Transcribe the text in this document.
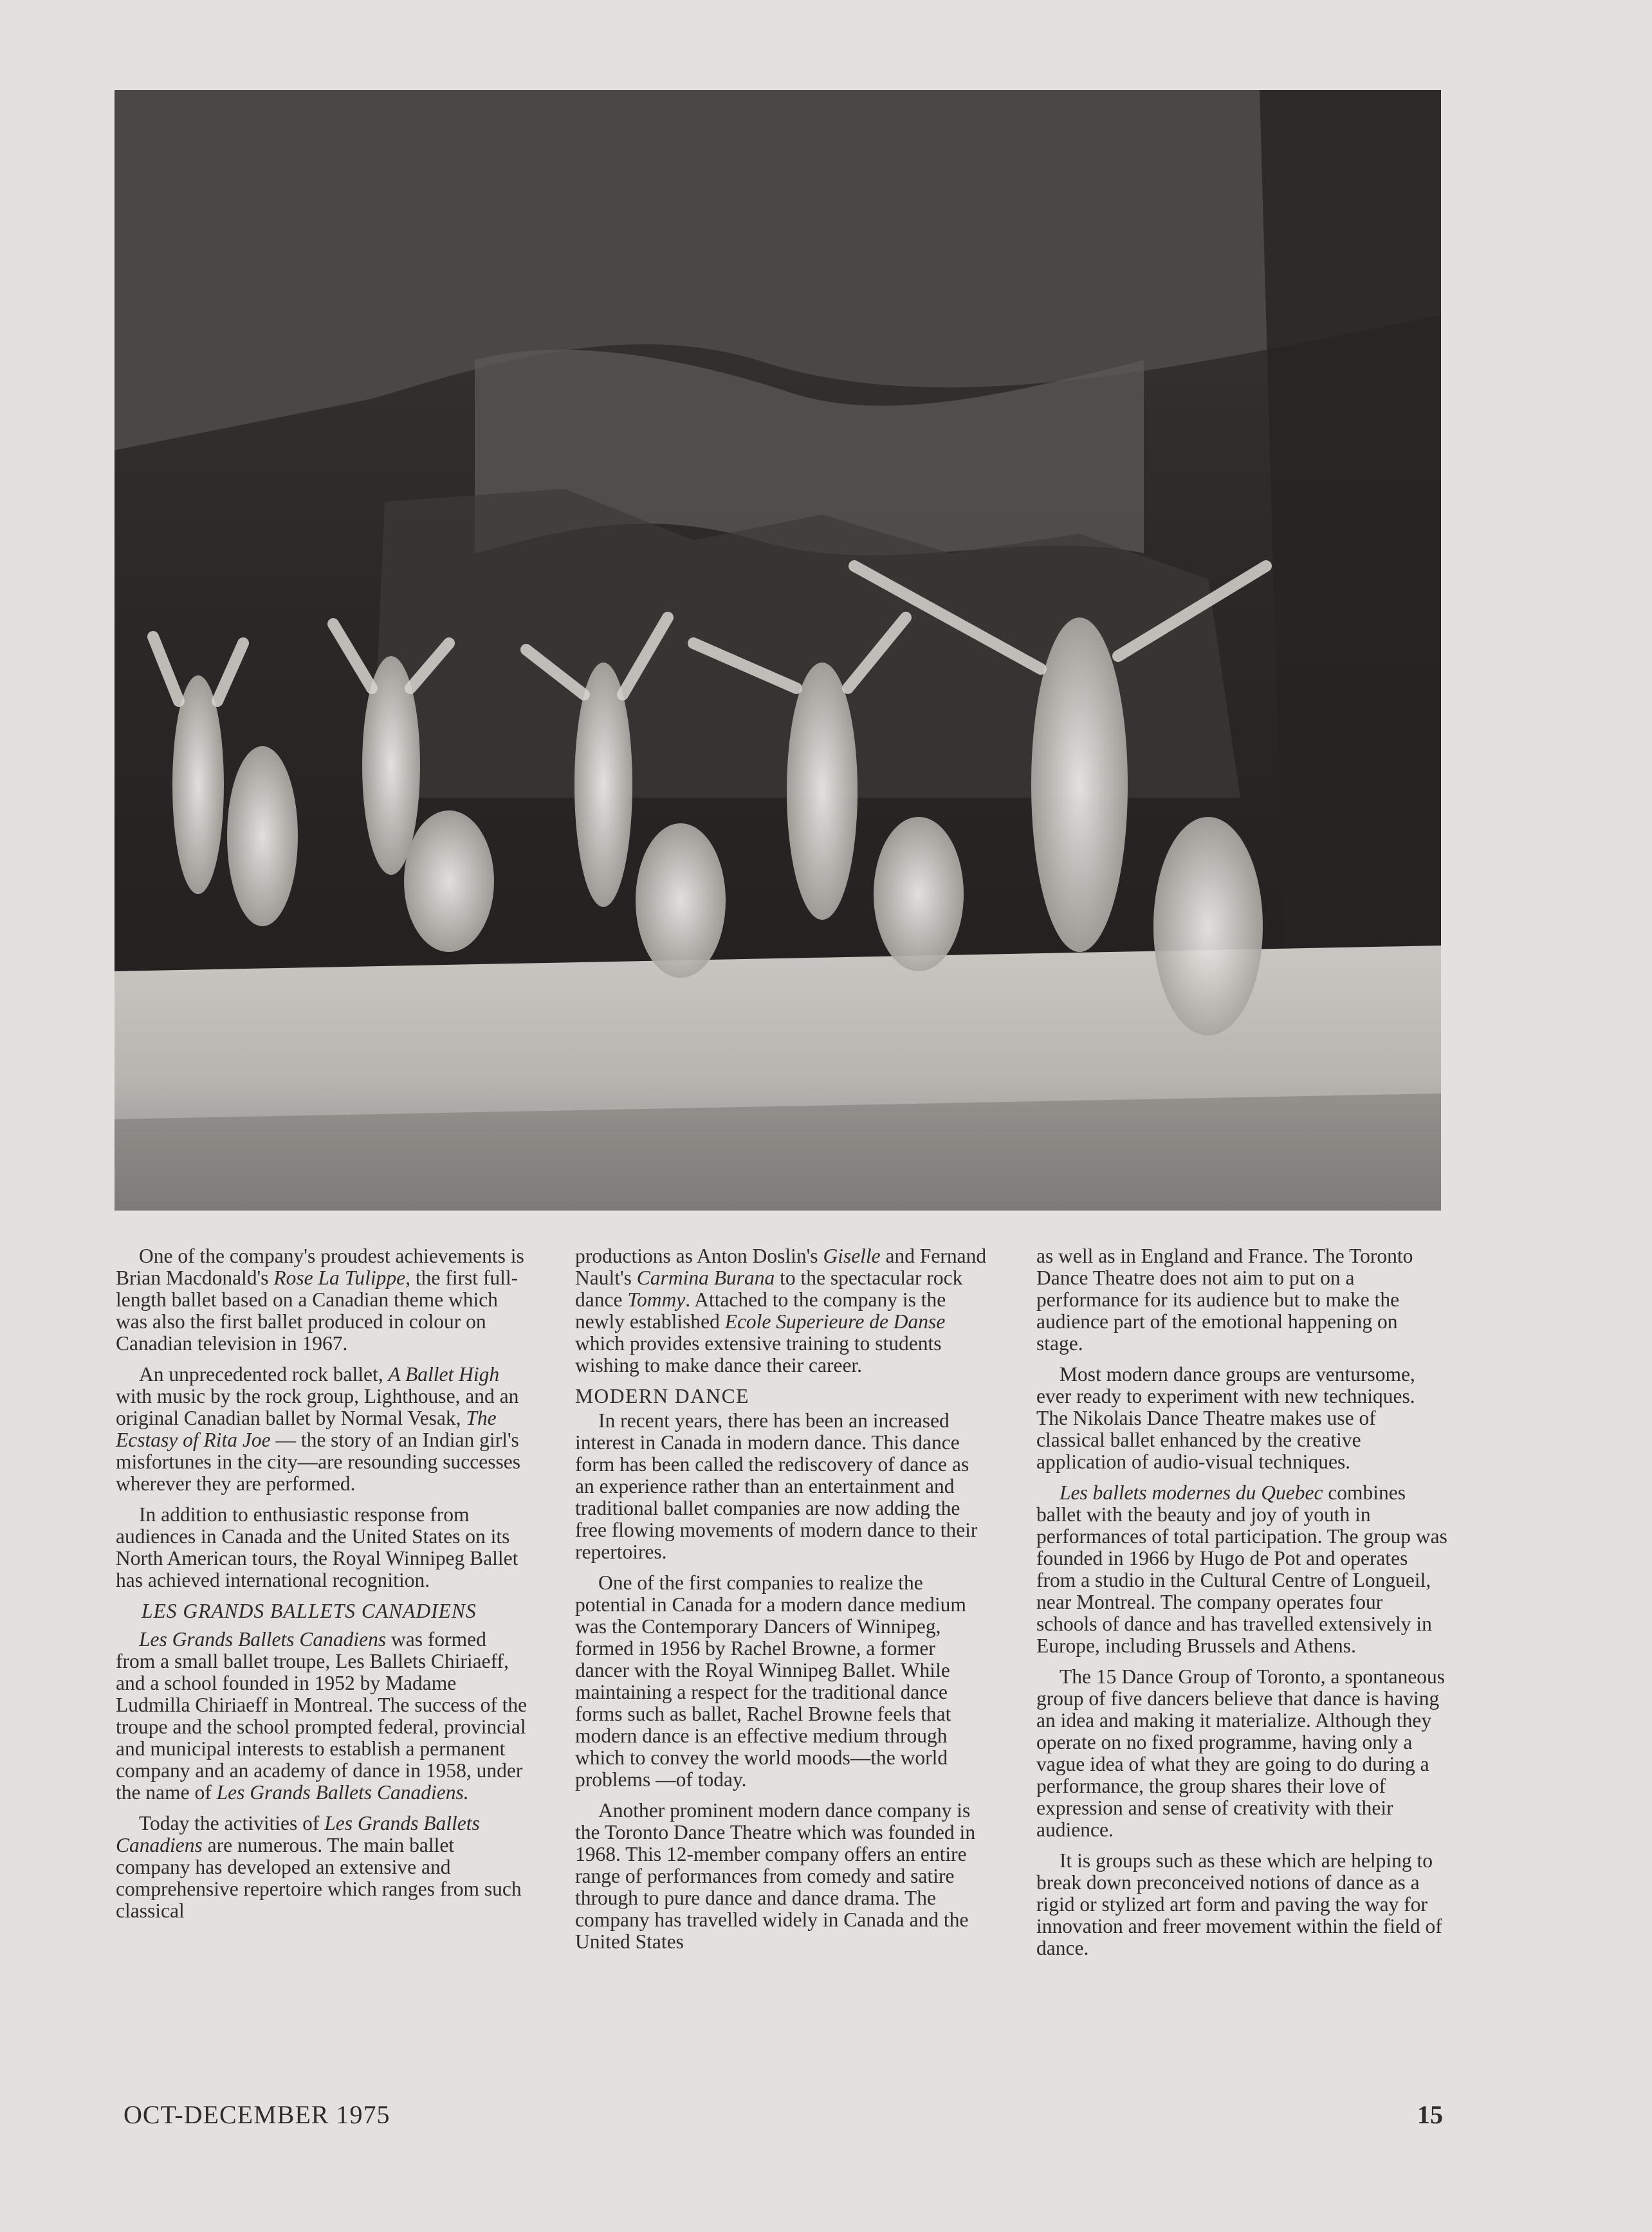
One of the company's proudest achievements is Brian Macdonald's Rose La Tulippe, the first full-length ballet based on a Canadian theme which was also the first ballet produced in colour on Canadian television in 1967.

An unprecedented rock ballet, A Ballet High with music by the rock group, Lighthouse, and an original Canadian ballet by Normal Vesak, The Ecstasy of Rita Joe — the story of an Indian girl's misfortunes in the city—are resounding successes wherever they are performed.

In addition to enthusiastic response from audiences in Canada and the United States on its North American tours, the Royal Winnipeg Ballet has achieved international recognition.

LES GRANDS BALLETS CANADIENS

Les Grands Ballets Canadiens was formed from a small ballet troupe, Les Ballets Chiriaeff, and a school founded in 1952 by Madame Ludmilla Chiriaeff in Montreal. The success of the troupe and the school prompted federal, provincial and municipal interests to establish a permanent company and an academy of dance in 1958, under the name of Les Grands Ballets Canadiens.

Today the activities of Les Grands Ballets Canadiens are numerous. The main ballet company has developed an extensive and comprehensive repertoire which ranges from such classical

productions as Anton Doslin's Giselle and Fernand Nault's Carmina Burana to the spectacular rock dance Tommy. Attached to the company is the newly established Ecole Superieure de Danse which provides extensive training to students wishing to make dance their career.

MODERN DANCE

In recent years, there has been an increased interest in Canada in modern dance. This dance form has been called the rediscovery of dance as an experience rather than an entertainment and traditional ballet companies are now adding the free flowing movements of modern dance to their repertoires.

One of the first companies to realize the potential in Canada for a modern dance medium was the Contemporary Dancers of Winnipeg, formed in 1956 by Rachel Browne, a former dancer with the Royal Winnipeg Ballet. While maintaining a respect for the traditional dance forms such as ballet, Rachel Browne feels that modern dance is an effective medium through which to convey the world moods—the world problems —of today.

Another prominent modern dance company is the Toronto Dance Theatre which was founded in 1968. This 12-member company offers an entire range of performances from comedy and satire through to pure dance and dance drama. The company has travelled widely in Canada and the United States

as well as in England and France. The Toronto Dance Theatre does not aim to put on a performance for its audience but to make the audience part of the emotional happening on stage.

Most modern dance groups are ventursome, ever ready to experiment with new techniques. The Nikolais Dance Theatre makes use of classical ballet enhanced by the creative application of audio-visual techniques.

Les ballets modernes du Quebec combines ballet with the beauty and joy of youth in performances of total participation. The group was founded in 1966 by Hugo de Pot and operates from a studio in the Cultural Centre of Longueil, near Montreal. The company operates four schools of dance and has travelled extensively in Europe, including Brussels and Athens.

The 15 Dance Group of Toronto, a spontaneous group of five dancers believe that dance is having an idea and making it materialize. Although they operate on no fixed programme, having only a vague idea of what they are going to do during a performance, the group shares their love of expression and sense of creativity with their audience.

It is groups such as these which are helping to break down preconceived notions of dance as a rigid or stylized art form and paving the way for innovation and freer movement within the field of dance.

OCT-DECEMBER 1975	15
